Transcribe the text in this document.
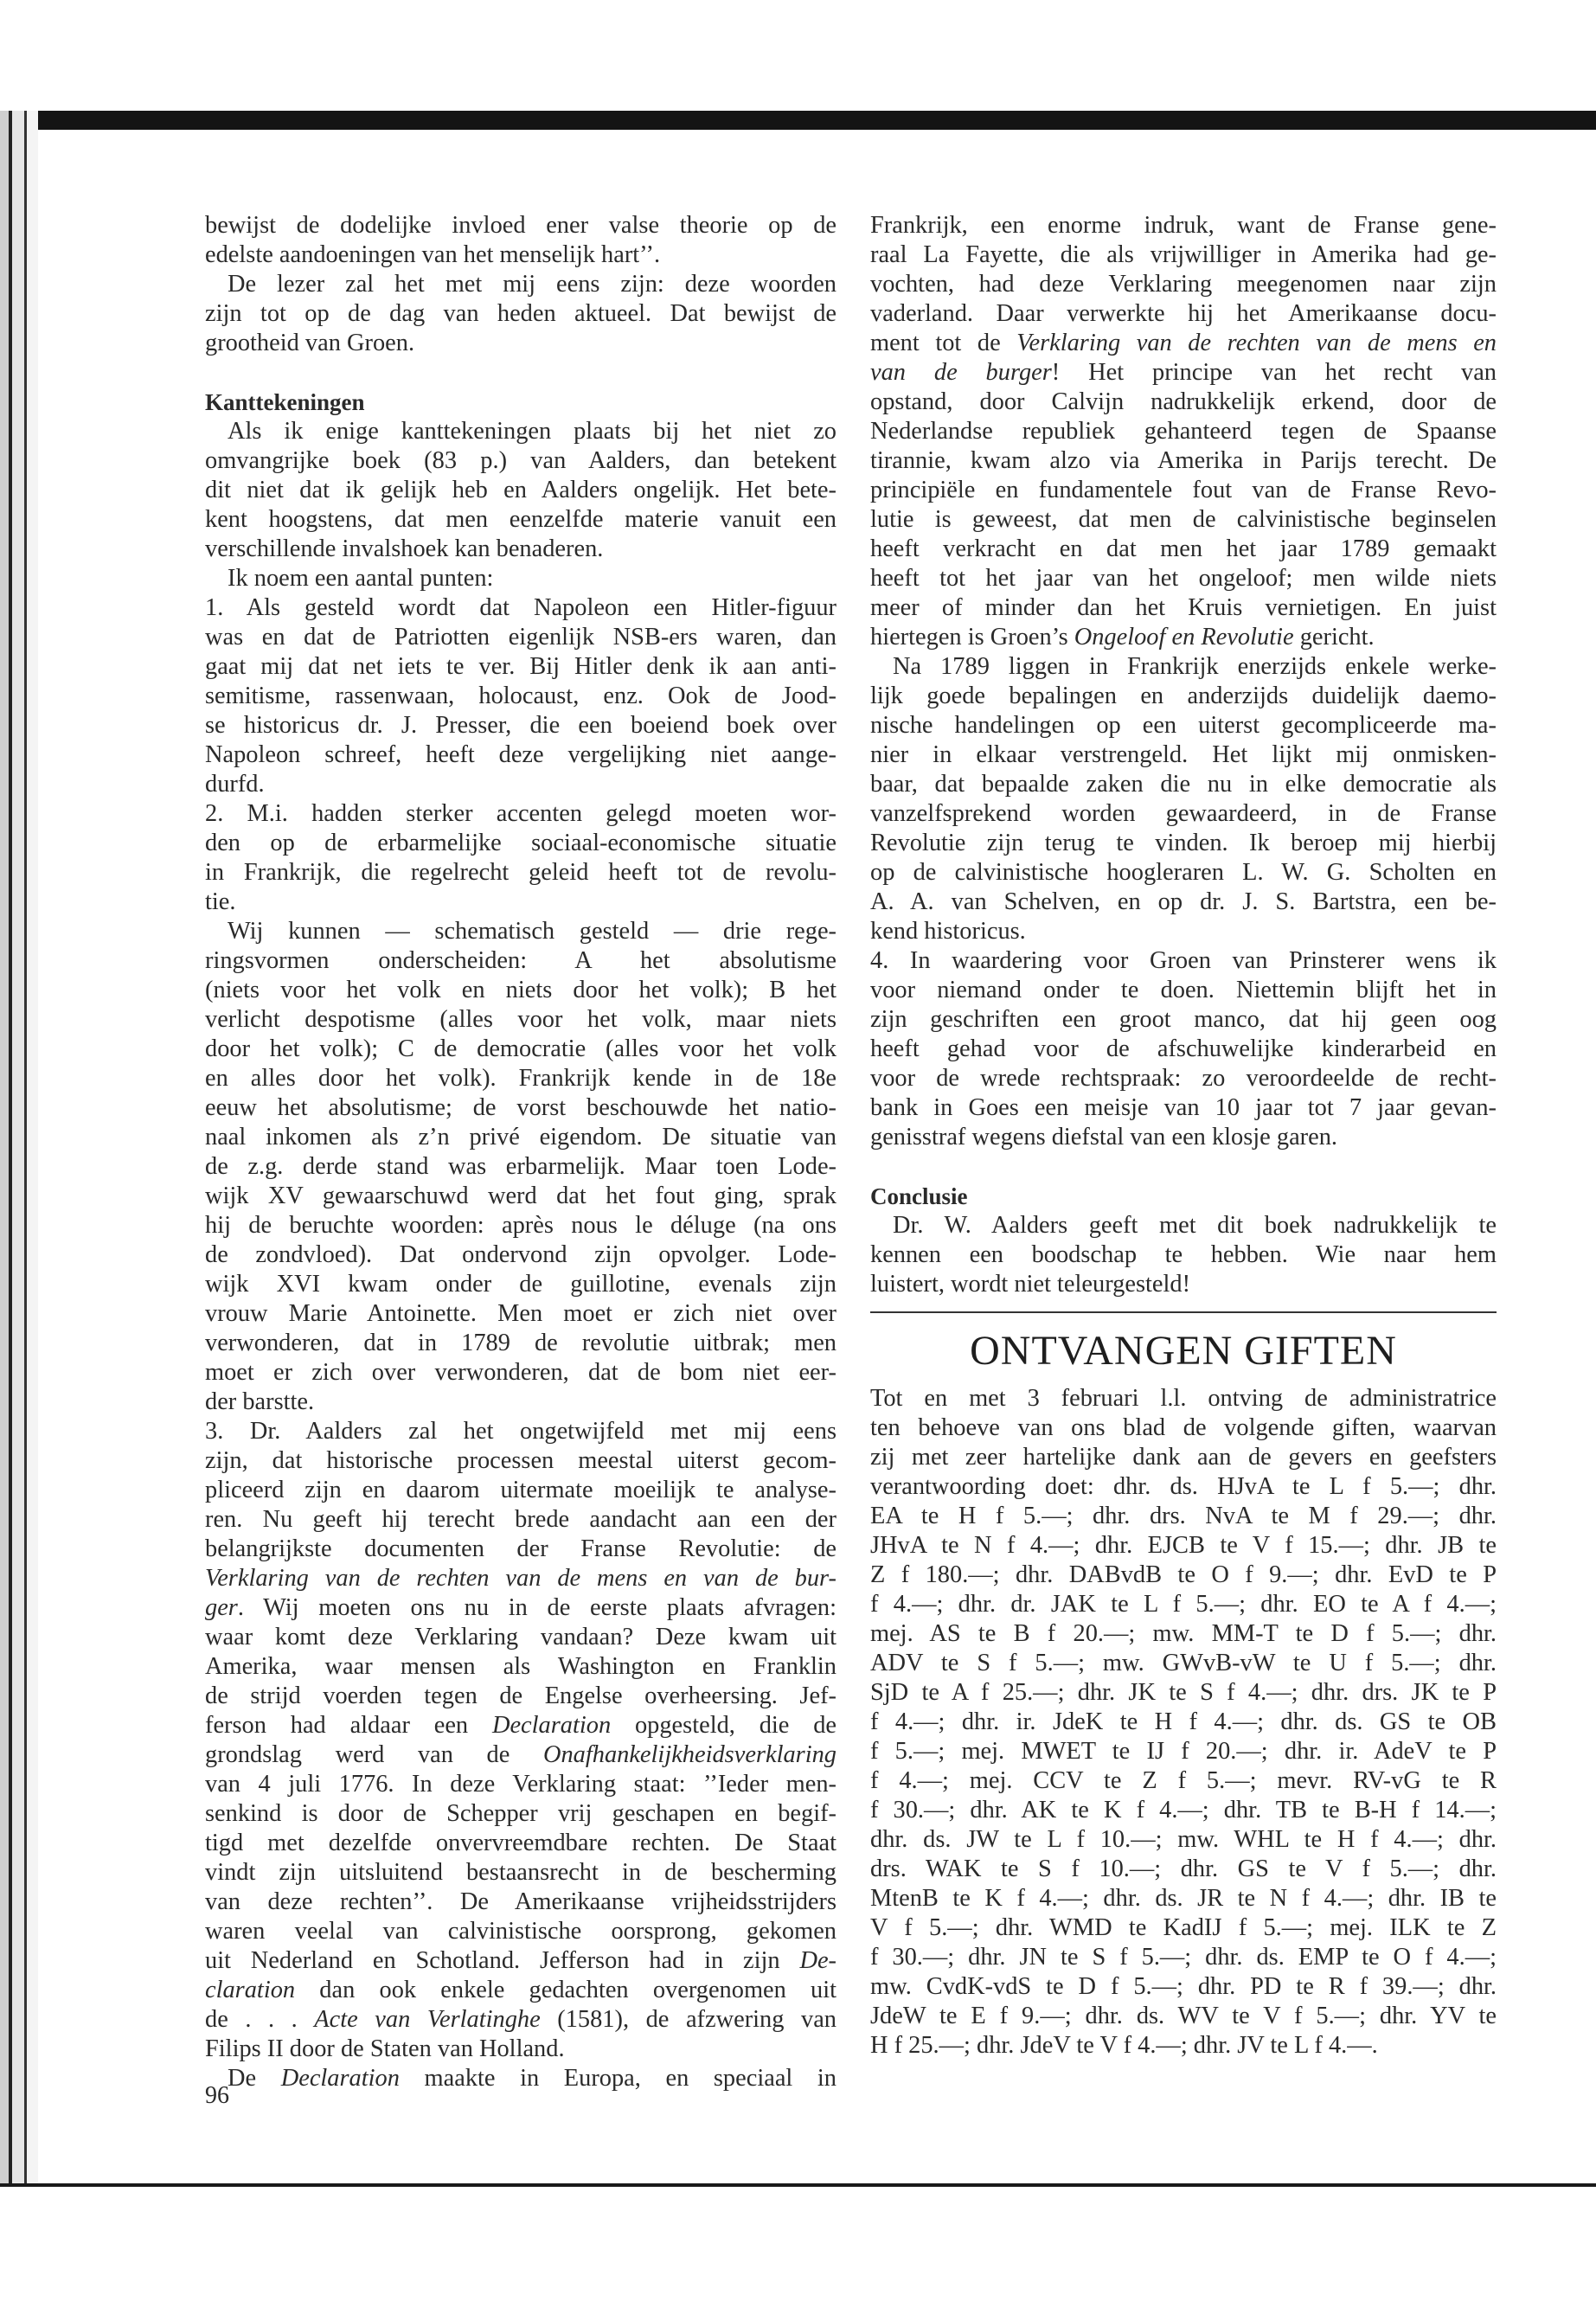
bewijst de dodelijke invloed ener valse theorie op de
edelste aandoeningen van het menselijk hart’’.
De lezer zal het met mij eens zijn: deze woorden
zijn tot op de dag van heden aktueel. Dat bewijst de
grootheid van Groen.
Kanttekeningen
Als ik enige kanttekeningen plaats bij het niet zo
omvangrijke boek (83 p.) van Aalders, dan betekent
dit niet dat ik gelijk heb en Aalders ongelijk. Het bete-
kent hoogstens, dat men eenzelfde materie vanuit een
verschillende invalshoek kan benaderen.
Ik noem een aantal punten:
1. Als gesteld wordt dat Napoleon een Hitler-figuur
was en dat de Patriotten eigenlijk NSB-ers waren, dan
gaat mij dat net iets te ver. Bij Hitler denk ik aan anti-
semitisme, rassenwaan, holocaust, enz. Ook de Jood-
se historicus dr. J. Presser, die een boeiend boek over
Napoleon schreef, heeft deze vergelijking niet aange-
durfd.
2. M.i. hadden sterker accenten gelegd moeten wor-
den op de erbarmelijke sociaal-economische situatie
in Frankrijk, die regelrecht geleid heeft tot de revolu-
tie.
Wij kunnen — schematisch gesteld — drie rege-
ringsvormen onderscheiden: A het absolutisme
(niets voor het volk en niets door het volk); B het
verlicht despotisme (alles voor het volk, maar niets
door het volk); C de democratie (alles voor het volk
en alles door het volk). Frankrijk kende in de 18e
eeuw het absolutisme; de vorst beschouwde het natio-
naal inkomen als z’n privé eigendom. De situatie van
de z.g. derde stand was erbarmelijk. Maar toen Lode-
wijk XV gewaarschuwd werd dat het fout ging, sprak
hij de beruchte woorden: après nous le déluge (na ons
de zondvloed). Dat ondervond zijn opvolger. Lode-
wijk XVI kwam onder de guillotine, evenals zijn
vrouw Marie Antoinette. Men moet er zich niet over
verwonderen, dat in 1789 de revolutie uitbrak; men
moet er zich over verwonderen, dat de bom niet eer-
der barstte.
3. Dr. Aalders zal het ongetwijfeld met mij eens
zijn, dat historische processen meestal uiterst gecom-
pliceerd zijn en daarom uitermate moeilijk te analyse-
ren. Nu geeft hij terecht brede aandacht aan een der
belangrijkste documenten der Franse Revolutie: de
Verklaring van de rechten van de mens en van de bur-
ger. Wij moeten ons nu in de eerste plaats afvragen:
waar komt deze Verklaring vandaan? Deze kwam uit
Amerika, waar mensen als Washington en Franklin
de strijd voerden tegen de Engelse overheersing. Jef-
ferson had aldaar een Declaration opgesteld, die de
grondslag werd van de Onafhankelijkheidsverklaring
van 4 juli 1776. In deze Verklaring staat: ’’Ieder men-
senkind is door de Schepper vrij geschapen en begif-
tigd met dezelfde onvervreemdbare rechten. De Staat
vindt zijn uitsluitend bestaansrecht in de bescherming
van deze rechten’’. De Amerikaanse vrijheidsstrijders
waren veelal van calvinistische oorsprong, gekomen
uit Nederland en Schotland. Jefferson had in zijn De-
claration dan ook enkele gedachten overgenomen uit
de . . . Acte van Verlatinghe (1581), de afzwering van
Filips II door de Staten van Holland.
De Declaration maakte in Europa, en speciaal in
Frankrijk, een enorme indruk, want de Franse gene-
raal La Fayette, die als vrijwilliger in Amerika had ge-
vochten, had deze Verklaring meegenomen naar zijn
vaderland. Daar verwerkte hij het Amerikaanse docu-
ment tot de Verklaring van de rechten van de mens en
van de burger! Het principe van het recht van
opstand, door Calvijn nadrukkelijk erkend, door de
Nederlandse republiek gehanteerd tegen de Spaanse
tirannie, kwam alzo via Amerika in Parijs terecht. De
principiële en fundamentele fout van de Franse Revo-
lutie is geweest, dat men de calvinistische beginselen
heeft verkracht en dat men het jaar 1789 gemaakt
heeft tot het jaar van het ongeloof; men wilde niets
meer of minder dan het Kruis vernietigen. En juist
hiertegen is Groen’s Ongeloof en Revolutie gericht.
Na 1789 liggen in Frankrijk enerzijds enkele werke-
lijk goede bepalingen en anderzijds duidelijk daemo-
nische handelingen op een uiterst gecompliceerde ma-
nier in elkaar verstrengeld. Het lijkt mij onmisken-
baar, dat bepaalde zaken die nu in elke democratie als
vanzelfsprekend worden gewaardeerd, in de Franse
Revolutie zijn terug te vinden. Ik beroep mij hierbij
op de calvinistische hoogleraren L. W. G. Scholten en
A. A. van Schelven, en op dr. J. S. Bartstra, een be-
kend historicus.
4. In waardering voor Groen van Prinsterer wens ik
voor niemand onder te doen. Niettemin blijft het in
zijn geschriften een groot manco, dat hij geen oog
heeft gehad voor de afschuwelijke kinderarbeid en
voor de wrede rechtspraak: zo veroordeelde de recht-
bank in Goes een meisje van 10 jaar tot 7 jaar gevan-
genisstraf wegens diefstal van een klosje garen.
Conclusie
Dr. W. Aalders geeft met dit boek nadrukkelijk te
kennen een boodschap te hebben. Wie naar hem
luistert, wordt niet teleurgesteld!
ONTVANGEN GIFTEN
Tot en met 3 februari l.l. ontving de administratrice
ten behoeve van ons blad de volgende giften, waarvan
zij met zeer hartelijke dank aan de gevers en geefsters
verantwoording doet: dhr. ds. HJvA te L f 5.—; dhr.
EA te H f 5.—; dhr. drs. NvA te M f 29.—; dhr.
JHvA te N f 4.—; dhr. EJCB te V f 15.—; dhr. JB te
Z f 180.—; dhr. DABvdB te O f 9.—; dhr. EvD te P
f 4.—; dhr. dr. JAK te L f 5.—; dhr. EO te A f 4.—;
mej. AS te B f 20.—; mw. MM-T te D f 5.—; dhr.
ADV te S f 5.—; mw. GWvB-vW te U f 5.—; dhr.
SjD te A f 25.—; dhr. JK te S f 4.—; dhr. drs. JK te P
f 4.—; dhr. ir. JdeK te H f 4.—; dhr. ds. GS te OB
f 5.—; mej. MWET te IJ f 20.—; dhr. ir. AdeV te P
f 4.—; mej. CCV te Z f 5.—; mevr. RV-vG te R
f 30.—; dhr. AK te K f 4.—; dhr. TB te B-H f 14.—;
dhr. ds. JW te L f 10.—; mw. WHL te H f 4.—; dhr.
drs. WAK te S f 10.—; dhr. GS te V f 5.—; dhr.
MtenB te K f 4.—; dhr. ds. JR te N f 4.—; dhr. IB te
V f 5.—; dhr. WMD te KadIJ f 5.—; mej. ILK te Z
f 30.—; dhr. JN te S f 5.—; dhr. ds. EMP te O f 4.—;
mw. CvdK-vdS te D f 5.—; dhr. PD te R f 39.—; dhr.
JdeW te E f 9.—; dhr. ds. WV te V f 5.—; dhr. YV te
H f 25.—; dhr. JdeV te V f 4.—; dhr. JV te L f 4.—.
96
